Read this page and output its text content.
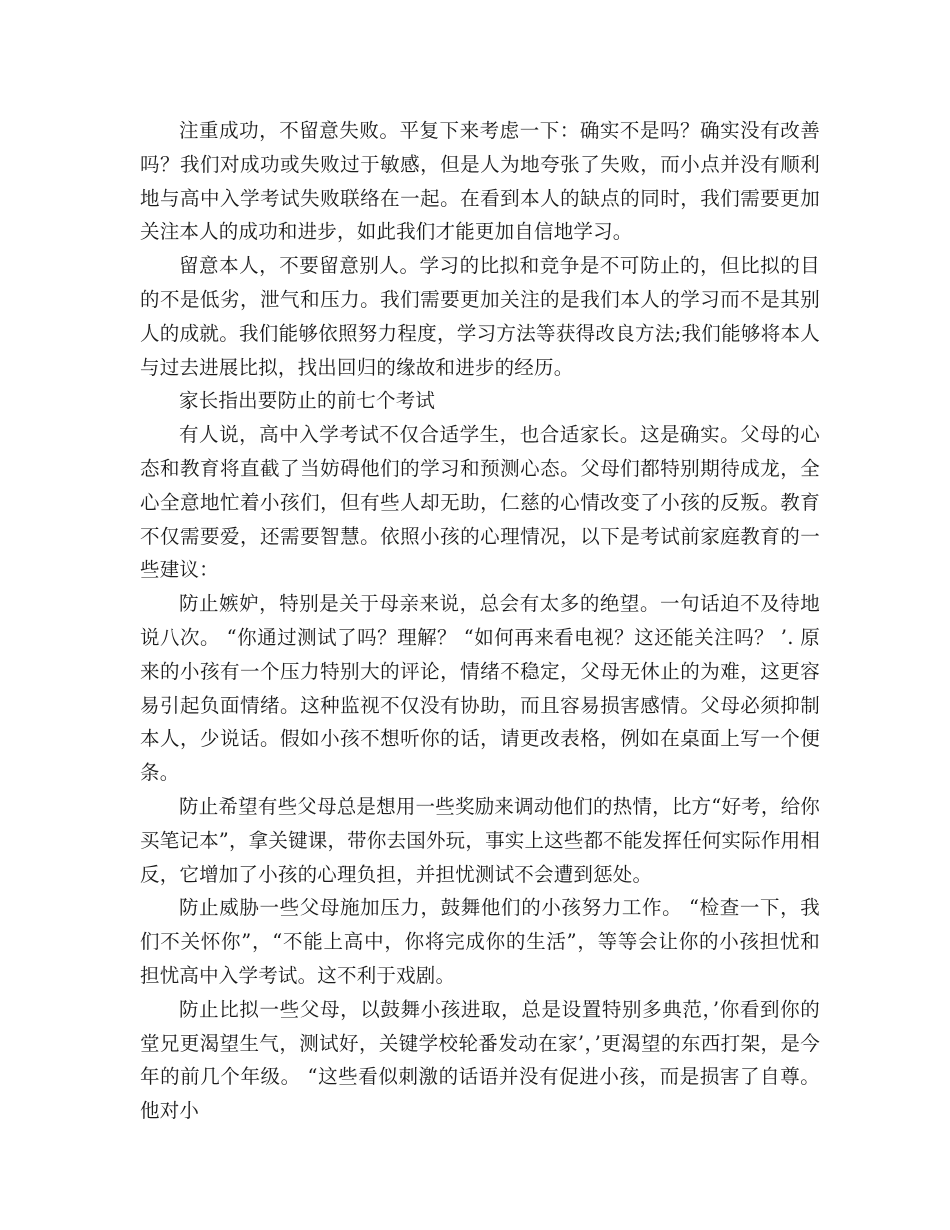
注重成功，不留意失败。平复下来考虑一下：确实不是吗？确实没有改善吗？我们对成功或失败过于敏感，但是人为地夸张了失败，而小点并没有顺利地与高中入学考试失败联络在一起。在看到本人的缺点的同时，我们需要更加关注本人的成功和进步，如此我们才能更加自信地学习。

留意本人，不要留意别人。学习的比拟和竞争是不可防止的，但比拟的目的不是低劣，泄气和压力。我们需要更加关注的是我们本人的学习而不是其别人的成就。我们能够依照努力程度，学习方法等获得改良方法;我们能够将本人与过去进展比拟，找出回归的缘故和进步的经历。

家长指出要防止的前七个考试

有人说，高中入学考试不仅合适学生，也合适家长。这是确实。父母的心态和教育将直截了当妨碍他们的学习和预测心态。父母们都特别期待成龙，全心全意地忙着小孩们，但有些人却无助，仁慈的心情改变了小孩的反叛。教育不仅需要爱，还需要智慧。依照小孩的心理情况，以下是考试前家庭教育的一些建议：

防止嫉妒，特别是关于母亲来说，总会有太多的绝望。一句话迫不及待地说八次。 “你通过测试了吗？理解？ “如何再来看电视？这还能关注吗？ ’. 原来的小孩有一个压力特别大的评论，情绪不稳定，父母无休止的为难，这更容易引起负面情绪。这种监视不仅没有协助，而且容易损害感情。父母必须抑制本人，少说话。假如小孩不想听你的话，请更改表格，例如在桌面上写一个便条。

防止希望有些父母总是想用一些奖励来调动他们的热情，比方“好考，给你买笔记本”，拿关键课，带你去国外玩，事实上这些都不能发挥任何实际作用相反，它增加了小孩的心理负担，并担忧测试不会遭到惩处。

防止威胁一些父母施加压力，鼓舞他们的小孩努力工作。 “检查一下，我们不关怀你”，“不能上高中，你将完成你的生活”，等等会让你的小孩担忧和担忧高中入学考试。这不利于戏剧。

防止比拟一些父母，以鼓舞小孩进取，总是设置特别多典范，’你看到你的堂兄更渴望生气，测试好，关键学校轮番发动在家’，’更渴望的东西打架，是今年的前几个年级。 “这些看似刺激的话语并没有促进小孩，而是损害了自尊。他对小
